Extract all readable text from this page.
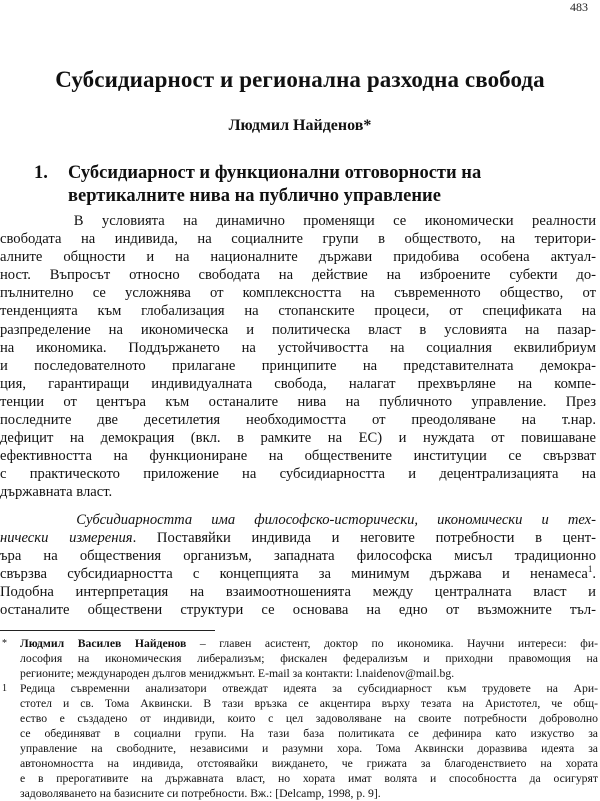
483
Субсидиарност и регионална разходна свобода
Людмил Найденов*
1. Субсидиарност и функционални отговорности на
вертикалните нива на публично управление
В условията на динамично променящи се икономически реалности
свободата на индивида, на социалните групи в обществото, на територи-
алните общности и на националните държави придобива особена актуал-
ност. Въпросът относно свободата на действие на изброените субекти до-
пълнително се усложнява от комплексността на съвременното общество, от
тенденцията към глобализация на стопанските процеси, от спецификата на
разпределение на икономическа и политическа власт в условията на пазар-
на икономика. Поддържането на устойчивостта на социалния еквилибриум
и последователното прилагане принципите на представителната демокра-
ция, гарантиращи индивидуалната свобода, налагат прехвърляне на компе-
тенции от центъра към останалите нива на публичното управление. През
последните две десетилетия необходимостта от преодоляване на т.нар.
дефицит на демокрация (вкл. в рамките на ЕС) и нуждата от повишаване
ефективността на функциониране на обществените институции се свързват
с практическото приложение на субсидиарността и децентрализацията на
държавната власт.
Субсидиарността има философско-исторически, икономически и тех-
нически измерения. Поставяйки индивида и неговите потребности в цент-
ъра на обществения организъм, западната философска мисъл традиционно
свързва субсидиарността с концепцията за минимум държава и ненамеса$^1$.
Подобна интерпретация на взаимоотношенията между централната власт и
останалите обществени структури се основава на едно от възможните тъл-
* Людмил Василев Найденов – главен асистент, доктор по икономика. Научни интереси: фи-
лософия на икономическия либерализъм; фискален федерализъм и приходни правомощия на
регионите; международен дългов мениджмънт. E-mail за контакти: l.naidenov@mail.bg.
1 Редица съвременни анализатори отвеждат идеята за субсидиарност към трудовете на Ари-
стотел и св. Тома Аквински. В тази връзка се акцентира върху тезата на Аристотел, че общ-
ество е създадено от индивиди, които с цел задоволяване на своите потребности доброволно
се обединяват в социални групи. На тази база политиката се дефинира като изкуство за
управление на свободните, независими и разумни хора. Тома Аквински доразвива идеята за
автономността на индивида, отстоявайки виждането, че грижата за благоденствието на хората
е в прерогативите на държавната власт, но хората имат волята и способността да осигурят
задоволяването на базисните си потребности. Вж.: [Delcamp, 1998, p. 9].
